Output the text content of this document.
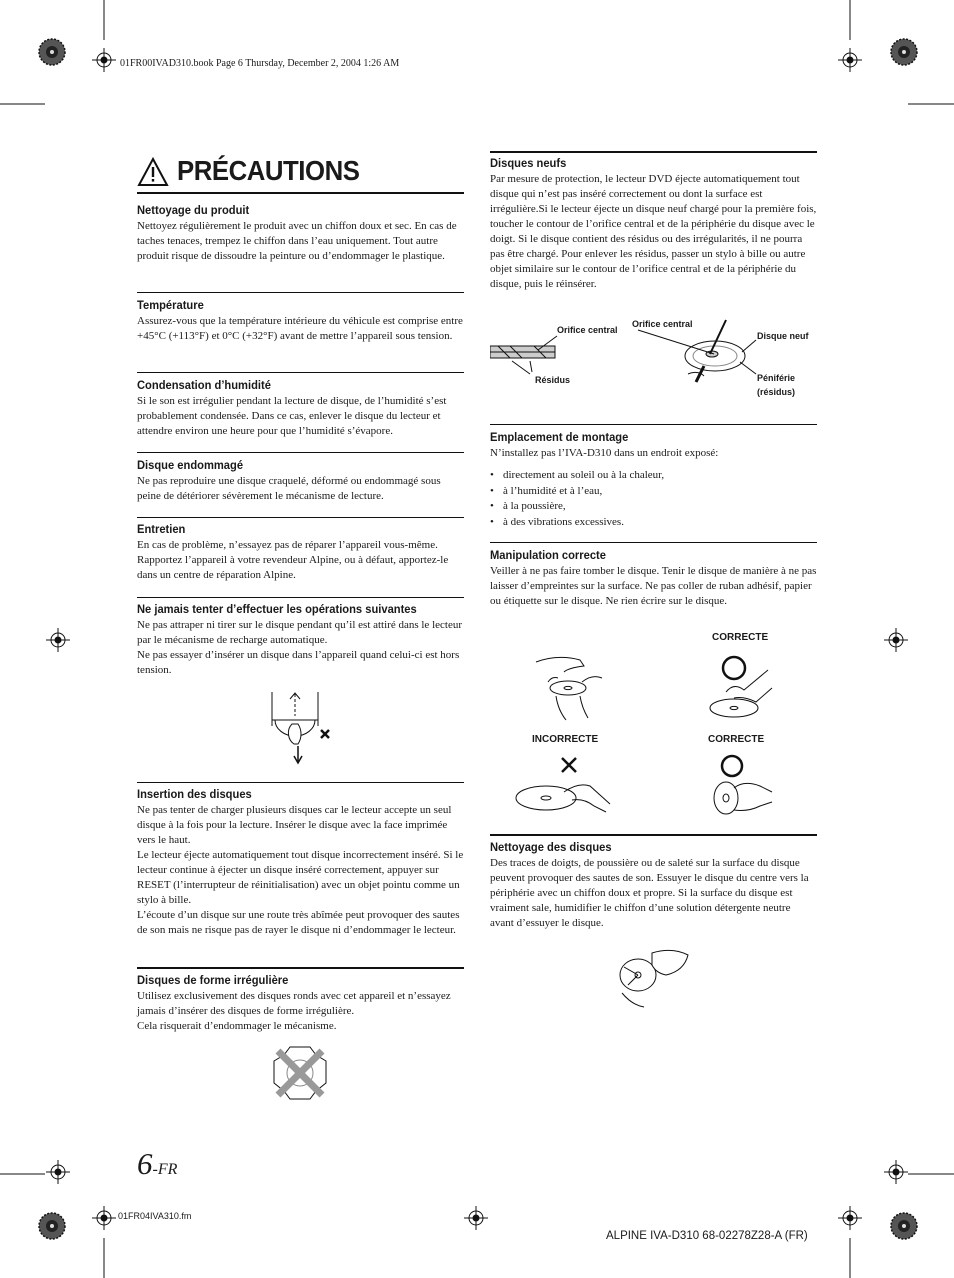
01FR00IVAD310.book Page 6 Thursday, December 2, 2004 1:26 AM
PRÉCAUTIONS
Nettoyage du produit

Nettoyez régulièrement le produit avec un chiffon doux et sec. En cas de taches tenaces, trempez le chiffon dans l’eau uniquement. Tout autre produit risque de dissoudre la peinture ou d’endommager le plastique.

Température

Assurez-vous que la température intérieure du véhicule est comprise entre +45°C (+113°F) et 0°C (+32°F) avant de mettre l’appareil sous tension.

Condensation d’humidité

Si le son est irrégulier pendant la lecture de disque, de l’humidité s’est probablement condensée. Dans ce cas, enlever le disque du lecteur et attendre environ une heure pour que l’humidité s’évapore.

Disque endommagé

Ne pas reproduire une disque craquelé, déformé ou endommagé sous peine de détériorer sévèrement le mécanisme de lecture.

Entretien

En cas de problème, n’essayez pas de réparer l’appareil vous-même. Rapportez l’appareil à votre revendeur Alpine, ou à défaut, apportez-le dans un centre de réparation Alpine.

Ne jamais tenter d’effectuer les opérations suivantes

Ne pas attraper ni tirer sur le disque pendant qu’il est attiré dans le lecteur par le mécanisme de recharge automatique.

Ne pas essayer d’insérer un disque dans l’appareil quand celui-ci est hors tension.

Insertion des disques

Ne pas tenter de charger plusieurs disques car le lecteur accepte un seul disque à la fois pour la lecture. Insérer le disque avec la face imprimée vers le haut.

Le lecteur éjecte automatiquement tout disque incorrectement inséré. Si le lecteur continue à éjecter un disque inséré correctement, appuyer sur RESET (l’interrupteur de réinitialisation) avec un objet pointu comme un stylo à bille.

L’écoute d’un disque sur une route très abîmée peut provoquer des sautes de son mais ne risque pas de rayer le disque ni d’endommager le lecteur.

Disques de forme irrégulière

Utilisez exclusivement des disques ronds avec cet appareil et n’essayez jamais d’insérer des disques de forme irrégulière.

Cela risquerait d’endommager le mécanisme.

6-FR
01FR04IVA310.fm
ALPINE IVA-D310 68-02278Z28-A (FR)
Disques neufs

Par mesure de protection, le lecteur DVD éjecte automatiquement tout disque qui n’est pas inséré correctement ou dont la surface est irrégulière.Si le lecteur éjecte un disque neuf chargé pour la première fois, toucher le contour de l’orifice central et de la périphérie du disque avec le doigt. Si le disque contient des résidus ou des irrégularités, il ne pourra pas être chargé. Pour enlever les résidus, passer un stylo à bille ou autre objet similaire sur le contour de l’orifice central et de la périphérie du disque, puis le réinsérer.

Orifice central
Orifice central
Disque neuf
Résidus	Péniférie
(résidus)
Emplacement de montage

N’installez pas l’IVA-D310 dans un endroit exposé:

• directement au soleil ou à la chaleur,
• à l’humidité et à l’eau,
• à la poussière,
• à des vibrations excessives.
Manipulation correcte

Veiller à ne pas faire tomber le disque. Tenir le disque de manière à ne pas laisser d’empreintes sur la surface. Ne pas coller de ruban adhésif, papier ou étiquette sur le disque. Ne rien écrire sur le disque.

CORRECTE
INCORRECTE	CORRECTE
Nettoyage des disques

Des traces de doigts, de poussière ou de saleté sur la surface du disque peuvent provoquer des sautes de son. Essuyer le disque du centre vers la périphérie avec un chiffon doux et propre. Si la surface du disque est vraiment sale, humidifier le chiffon d’une solution détergente neutre avant d’essuyer le disque.
